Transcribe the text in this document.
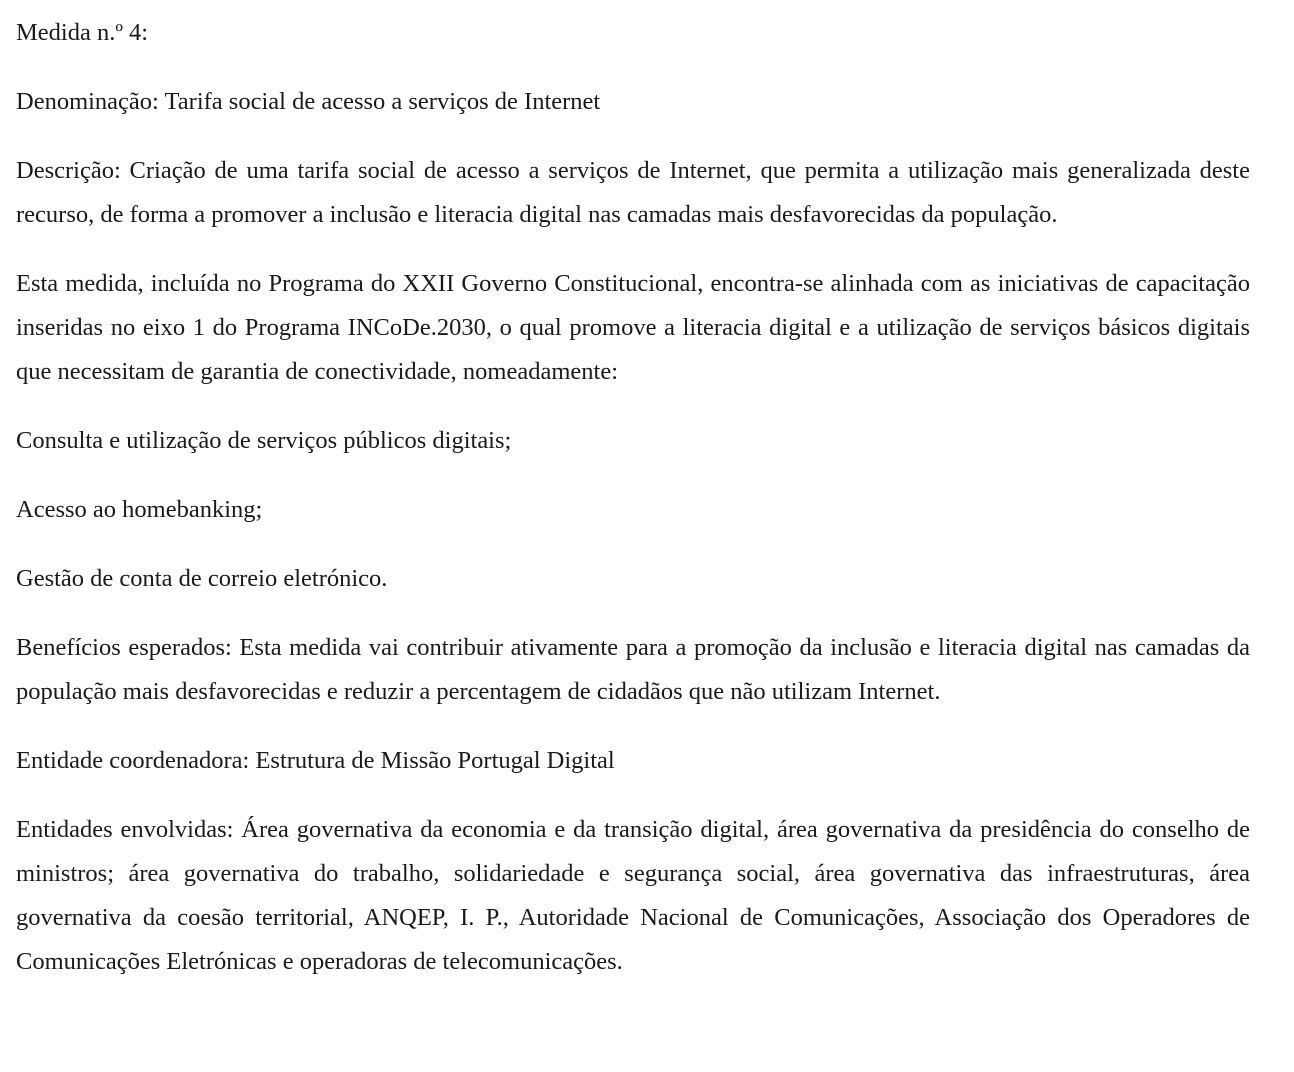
Medida n.º 4:

Denominação: Tarifa social de acesso a serviços de Internet

Descrição: Criação de uma tarifa social de acesso a serviços de Internet, que permita a utilização mais generalizada deste recurso, de forma a promover a inclusão e literacia digital nas camadas mais desfavorecidas da população.

Esta medida, incluída no Programa do XXII Governo Constitucional, encontra-se alinhada com as iniciativas de capacitação inseridas no eixo 1 do Programa INCoDe.2030, o qual promove a literacia digital e a utilização de serviços básicos digitais que necessitam de garantia de conectividade, nomeadamente:

Consulta e utilização de serviços públicos digitais;

Acesso ao homebanking;

Gestão de conta de correio eletrónico.

Benefícios esperados: Esta medida vai contribuir ativamente para a promoção da inclusão e literacia digital nas camadas da população mais desfavorecidas e reduzir a percentagem de cidadãos que não utilizam Internet.

Entidade coordenadora: Estrutura de Missão Portugal Digital

Entidades envolvidas: Área governativa da economia e da transição digital, área governativa da presidência do conselho de ministros; área governativa do trabalho, solidariedade e segurança social, área governativa das infraestruturas, área governativa da coesão territorial, ANQEP, I. P., Autoridade Nacional de Comunicações, Associação dos Operadores de Comunicações Eletrónicas e operadoras de telecomunicações.
